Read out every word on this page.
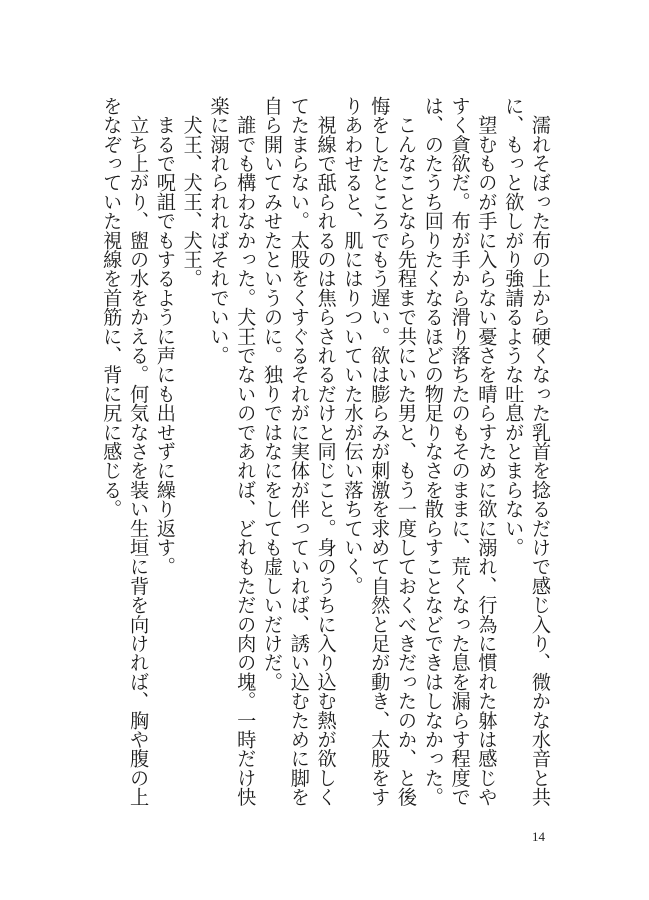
　濡れそぼった布の上から硬くなった乳首を捻るだけで感じ入り、微かな水音と共

に、もっと欲しがり強請るような吐息がとまらない。

　望むものが手に入らない憂さを晴らすために欲に溺れ、行為に慣れた躰は感じや

すく貪欲だ。布が手から滑り落ちたのもそのままに、荒くなった息を漏らす程度で

は、のたうち回りたくなるほどの物足りなさを散らすことなどできはしなかった。

　こんなことなら先程まで共にいた男と、もう一度しておくべきだったのか、と後

悔をしたところでもう遅い。欲は膨らみが刺激を求めて自然と足が動き、太股をす

りあわせると、肌にはりついていた水が伝い落ちていく。

　視線で舐られるのは焦らされるだけと同じこと。身のうちに入り込む熱が欲しく

てたまらない。太股をくすぐるそれがに実体が伴っていれば、誘い込むために脚を

自ら開いてみせたというのに。独りではなにをしても虚しいだけだ。

　誰でも構わなかった。犬王でないのであれば、どれもただの肉の塊。一時だけ快

楽に溺れられればそれでいい。

　犬王、犬王、犬王。

　まるで呪詛でもするように声にも出せずに繰り返す。

　立ち上がり、盥の水をかえる。何気なさを装い生垣に背を向ければ、胸や腹の上

をなぞっていた視線を首筋に、背に尻に感じる。

14
